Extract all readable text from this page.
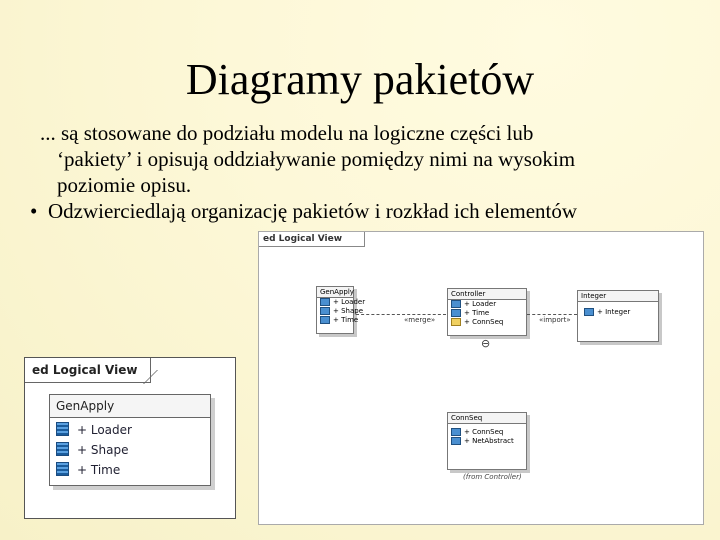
Diagramy pakietów
... są stosowane do podziału modelu na logiczne części lub
‘pakiety’ i opisują oddziaływanie pomiędzy nimi na wysokim
poziomie opisu.
• Odzwierciedlają organizację pakietów i rozkład ich elementów
ed Logical View
GenApply
+ Loader
+ Shape
+ Time	«merge»
Controller
+ Loader
+ Time
+ ConnSeq
⊖
«import»
Integer
+ Integer
ConnSeq
+ ConnSeq
+ NetAbstract
(from Controller)
ed Logical View
GenApply
+ Loader
+ Shape
+ Time
